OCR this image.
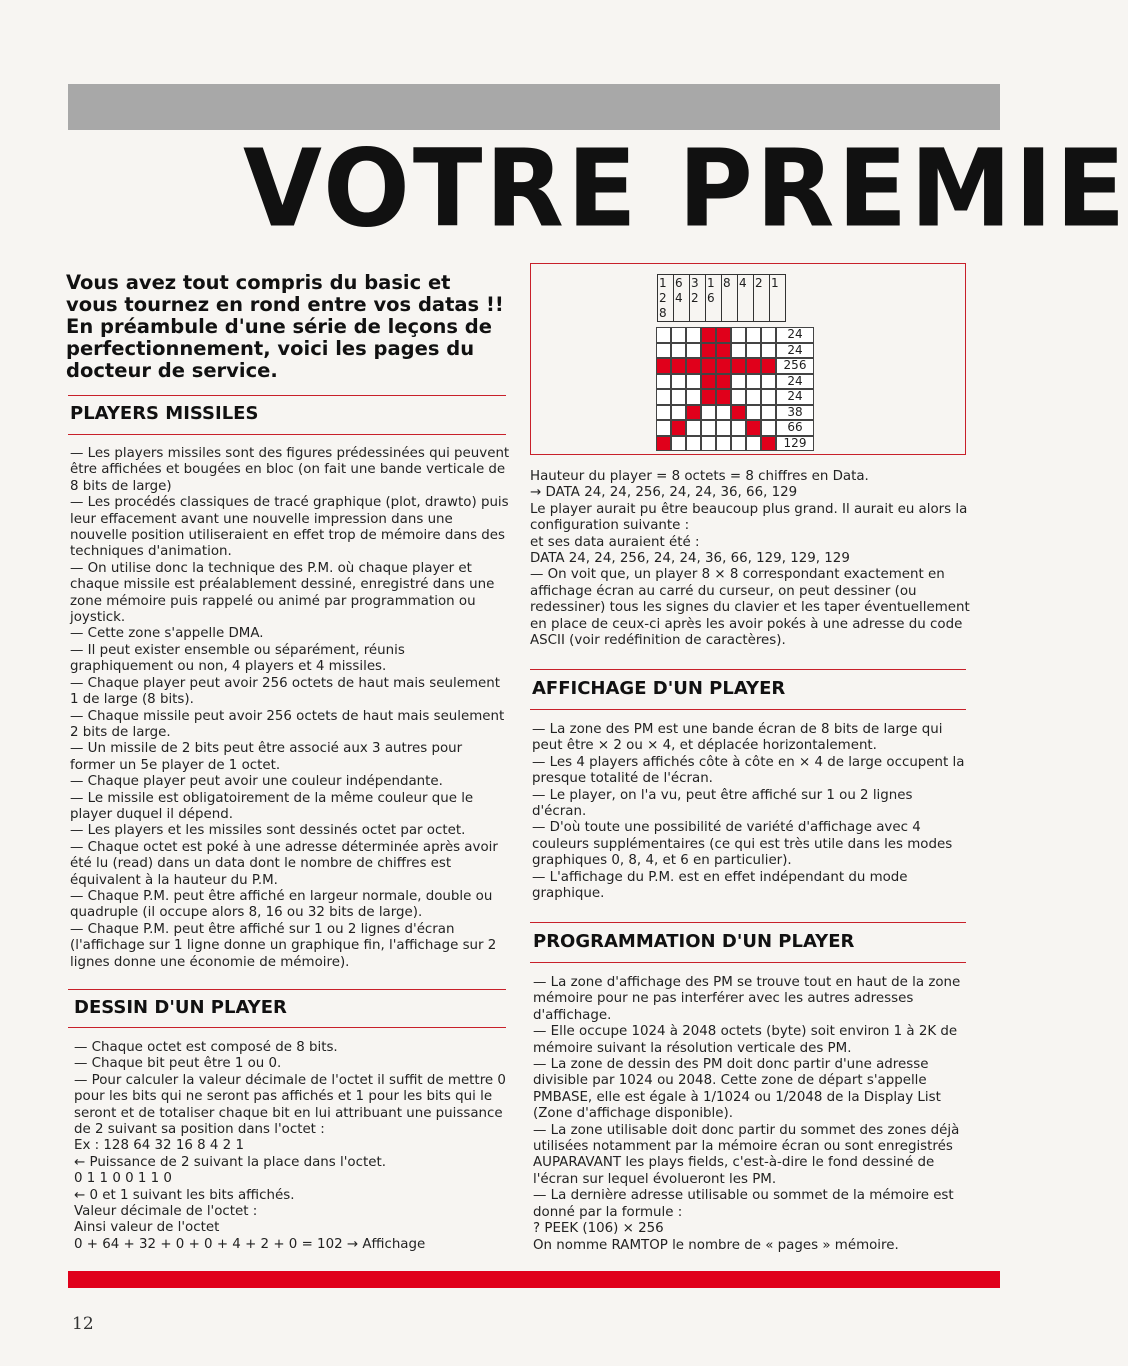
VOTRE PREMIE
Vous avez tout compris du basic et vous tournez en rond entre vos datas !! En préambule d'une série de leçons de perfectionnement, voici les pages du docteur de service.
PLAYERS MISSILES

— Les players missiles sont des figures prédessinées qui peuvent être affichées et bougées en bloc (on fait une bande verticale de 8 bits de large)

— Les procédés classiques de tracé graphique (plot, drawto) puis leur effacement avant une nouvelle impression dans une nouvelle position utiliseraient en effet trop de mémoire dans des techniques d'animation.

— On utilise donc la technique des P.M. où chaque player et chaque missile est préalablement dessiné, enregistré dans une zone mémoire puis rappelé ou animé par programmation ou joystick.

— Cette zone s'appelle DMA.

— Il peut exister ensemble ou séparément, réunis graphiquement ou non, 4 players et 4 missiles.

— Chaque player peut avoir 256 octets de haut mais seulement 1 de large (8 bits).

— Chaque missile peut avoir 256 octets de haut mais seulement 2 bits de large.

— Un missile de 2 bits peut être associé aux 3 autres pour former un 5e player de 1 octet.

— Chaque player peut avoir une couleur indépendante.

— Le missile est obligatoirement de la même couleur que le player duquel il dépend.

— Les players et les missiles sont dessinés octet par octet.

— Chaque octet est poké à une adresse déterminée après avoir été lu (read) dans un data dont le nombre de chiffres est équivalent à la hauteur du P.M.

— Chaque P.M. peut être affiché en largeur normale, double ou quadruple (il occupe alors 8, 16 ou 32 bits de large).

— Chaque P.M. peut être affiché sur 1 ou 2 lignes d'écran (l'affichage sur 1 ligne donne un graphique fin, l'affichage sur 2 lignes donne une économie de mémoire).

DESSIN D'UN PLAYER

— Chaque octet est composé de 8 bits.

— Chaque bit peut être 1 ou 0.

— Pour calculer la valeur décimale de l'octet il suffit de mettre 0 pour les bits qui ne seront pas affichés et 1 pour les bits qui le seront et de totaliser chaque bit en lui attribuant une puissance de 2 suivant sa position dans l'octet :

Ex : 128 64 32 16 8 4 2 1

← Puissance de 2 suivant la place dans l'octet.

0 1 1 0 0 1 1 0

← 0 et 1 suivant les bits affichés.

Valeur décimale de l'octet :

Ainsi valeur de l'octet

0 + 64 + 32 + 0 + 0 + 4 + 2 + 0 = 102 → Affichage

1
2
8
6
4
3
2
1
6
8 4 2 1
24
24
256
24
24
38
66
129

Hauteur du player = 8 octets = 8 chiffres en Data.

→ DATA 24, 24, 256, 24, 24, 36, 66, 129

Le player aurait pu être beaucoup plus grand. Il aurait eu alors la configuration suivante :

et ses data auraient été :

DATA 24, 24, 256, 24, 24, 36, 66, 129, 129, 129

— On voit que, un player 8 × 8 correspondant exactement en affichage écran au carré du curseur, on peut dessiner (ou redessiner) tous les signes du clavier et les taper éventuellement en place de ceux-ci après les avoir pokés à une adresse du code ASCII (voir redéfinition de caractères).

AFFICHAGE D'UN PLAYER

— La zone des PM est une bande écran de 8 bits de large qui peut être × 2 ou × 4, et déplacée horizontalement.

— Les 4 players affichés côte à côte en × 4 de large occupent la presque totalité de l'écran.

— Le player, on l'a vu, peut être affiché sur 1 ou 2 lignes d'écran.

— D'où toute une possibilité de variété d'affichage avec 4 couleurs supplémentaires (ce qui est très utile dans les modes graphiques 0, 8, 4, et 6 en particulier).

— L'affichage du P.M. est en effet indépendant du mode graphique.

PROGRAMMATION D'UN PLAYER

— La zone d'affichage des PM se trouve tout en haut de la zone mémoire pour ne pas interférer avec les autres adresses d'affichage.

— Elle occupe 1024 à 2048 octets (byte) soit environ 1 à 2K de mémoire suivant la résolution verticale des PM.

— La zone de dessin des PM doit donc partir d'une adresse divisible par 1024 ou 2048. Cette zone de départ s'appelle PMBASE, elle est égale à 1/1024 ou 1/2048 de la Display List (Zone d'affichage disponible).

— La zone utilisable doit donc partir du sommet des zones déjà utilisées notamment par la mémoire écran ou sont enregistrés AUPARAVANT les plays fields, c'est-à-dire le fond dessiné de l'écran sur lequel évolueront les PM.

— La dernière adresse utilisable ou sommet de la mémoire est donné par la formule :

? PEEK (106) × 256

On nomme RAMTOP le nombre de « pages » mémoire.

12
